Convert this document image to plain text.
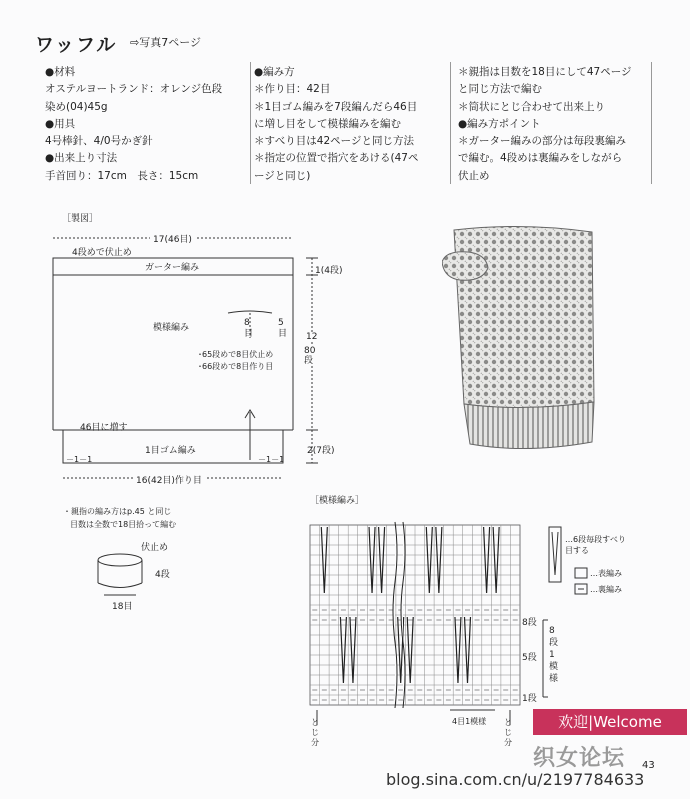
ワッフル ⇨写真7ページ
●材料
オステルヨートランド：オレンジ色段
染め(04)45g
●用具
4号棒針、4/0号かぎ針
●出来上り寸法
手首回り：17cm　長さ：15cm
●編み方
＊作り目：42目
＊1目ゴム編みを7段編んだら46目
に増し目をして模様編みを編む
＊すべり目は42ページと同じ方法
＊指定の位置で指穴をあける(47ペ
ージと同じ)
＊親指は目数を18目にして47ページ
と同じ方法で編む
＊筒状にとじ合わせて出来上り
●編み方ポイント
＊ガーター編みの部分は毎段裏編み
で編む。4段めは裏編みをしながら
伏止め
［製図］
17(46目)
4段めで伏止め
ガーター編み	1(4段)
模様編み	8目
5目 12
80段
･65段めで8目伏止め
･66段めで8目作り目
46目に増す
1目ゴム編み	2(7段)
－1－1	－1－1
16(42目)作り目
・親指の編み方はp.45 と同じ
目数は全数で18目拾って編む
伏止め
4段
18目
［模様編み］
…6段毎段すべり目する
…表編み
…裏編み
8段
5段
1段
8段1模様
4目1模様
とじ分
とじ分
欢迎|Welcome
织女论坛
blog.sina.com.cn/u/2197784633
43
